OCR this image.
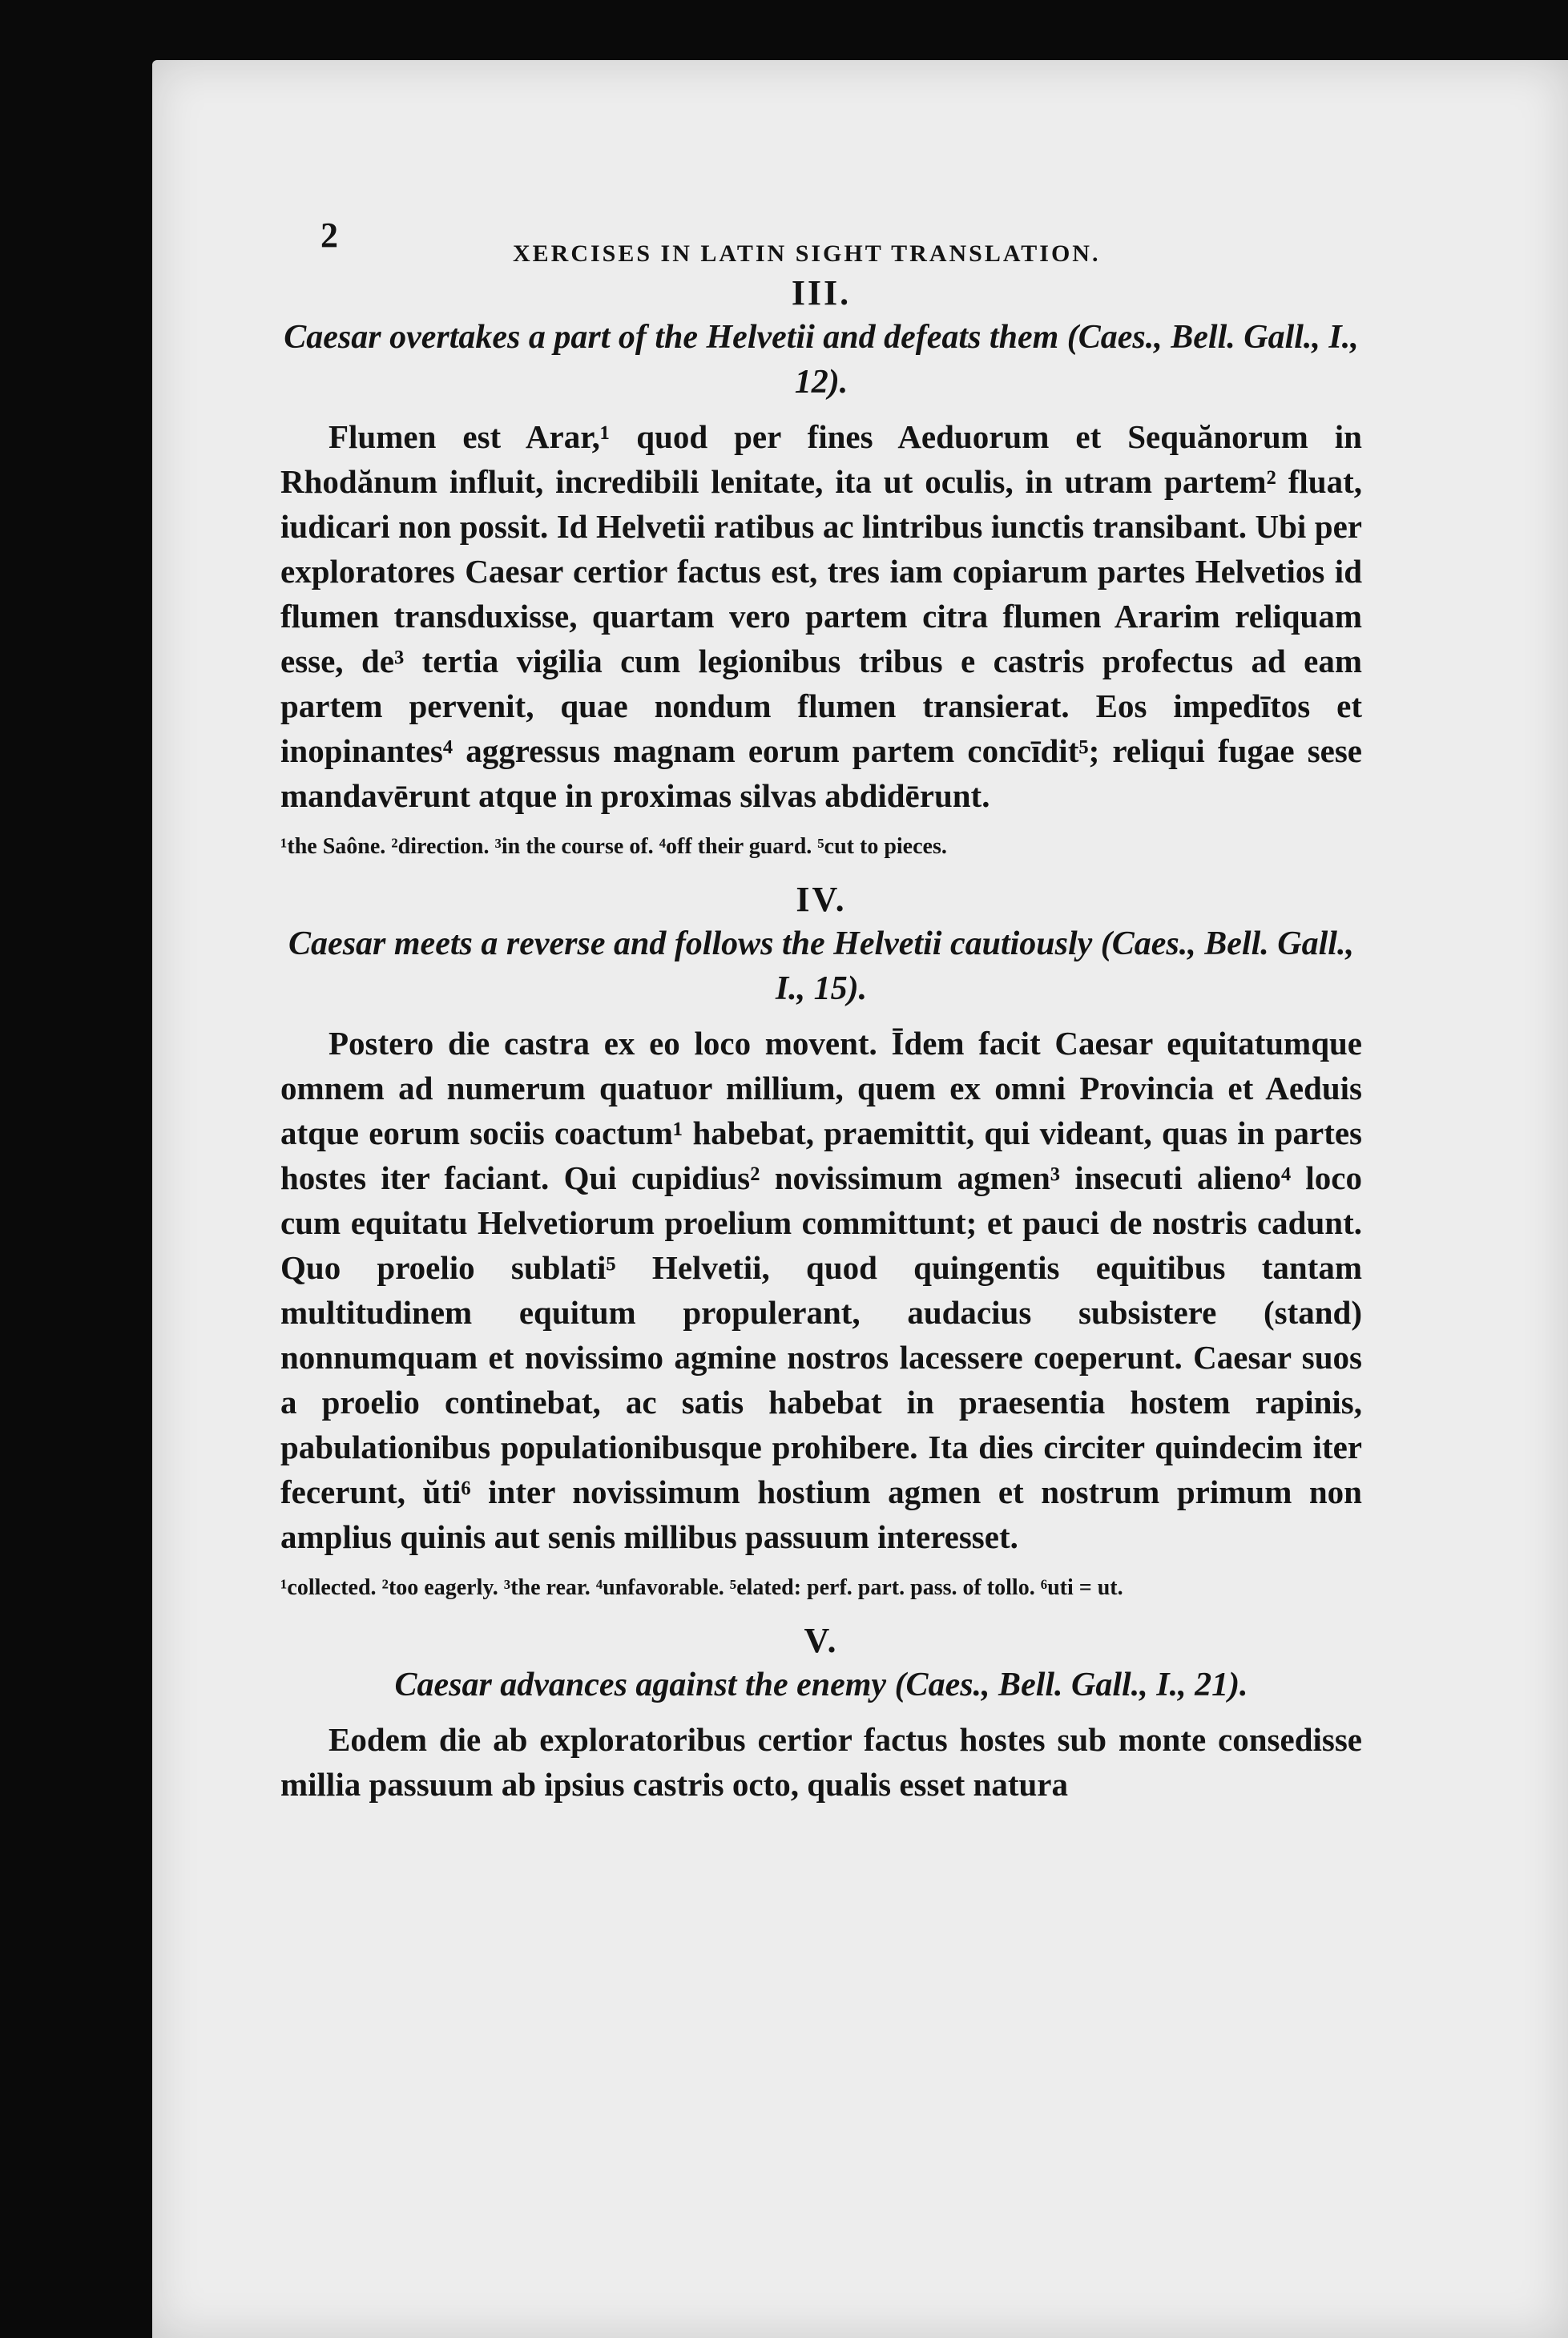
2	XERCISES IN LATIN SIGHT TRANSLATION.
III.

Caesar overtakes a part of the Helvetii and defeats them (Caes., Bell. Gall., I., 12).

Flumen est Arar,¹ quod per fines Aeduorum et Sequănorum in Rhodănum influit, incredibili lenitate, ita ut oculis, in utram partem² fluat, iudicari non possit. Id Helvetii ratibus ac lintribus iunctis transibant. Ubi per exploratores Caesar certior factus est, tres iam copiarum partes Helvetios id flumen transduxisse, quartam vero partem citra flumen Ararim reliquam esse, de³ tertia vigilia cum legionibus tribus e castris profectus ad eam partem pervenit, quae nondum flumen transierat. Eos impedītos et inopinantes⁴ aggressus magnam eorum partem concīdit⁵; reliqui fugae sese mandavērunt atque in proximas silvas abdidērunt.

¹the Saône. ²direction. ³in the course of. ⁴off their guard. ⁵cut to pieces.
IV.

Caesar meets a reverse and follows the Helvetii cautiously (Caes., Bell. Gall., I., 15).

Postero die castra ex eo loco movent. Īdem facit Caesar equitatumque omnem ad numerum quatuor millium, quem ex omni Provincia et Aeduis atque eorum sociis coactum¹ habebat, praemittit, qui videant, quas in partes hostes iter faciant. Qui cupidius² novissimum agmen³ insecuti alieno⁴ loco cum equitatu Helvetiorum proelium committunt; et pauci de nostris cadunt. Quo proelio sublati⁵ Helvetii, quod quingentis equitibus tantam multitudinem equitum propulerant, audacius subsistere (stand) nonnumquam et novissimo agmine nostros lacessere coeperunt. Caesar suos a proelio continebat, ac satis habebat in praesentia hostem rapinis, pabulationibus populationibusque prohibere. Ita dies circiter quindecim iter fecerunt, ŭti⁶ inter novissimum hostium agmen et nostrum primum non amplius quinis aut senis millibus passuum interesset.

¹collected. ²too eagerly. ³the rear. ⁴unfavorable. ⁵elated: perf. part. pass. of tollo. ⁶uti = ut.
V.

Caesar advances against the enemy (Caes., Bell. Gall., I., 21).

Eodem die ab exploratoribus certior factus hostes sub monte consedisse millia passuum ab ipsius castris octo, qualis esset natura
